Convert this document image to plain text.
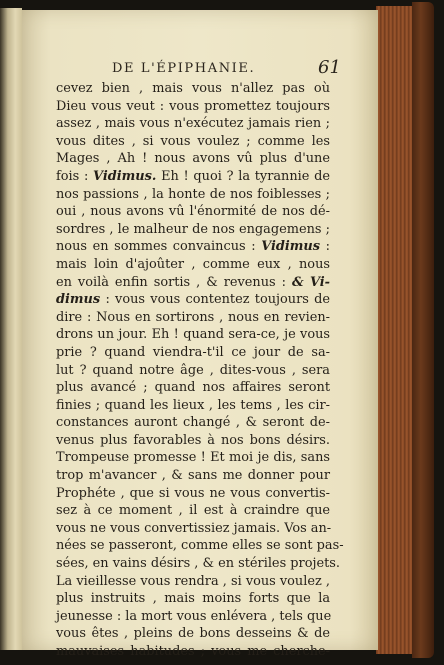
DE L'ÉPIPHANIE.	61
cevez bien , mais vous n'allez pas où
Dieu vous veut : vous promettez toujours
assez , mais vous n'exécutez jamais rien ;
vous dites , si vous voulez ; comme les
Mages , Ah ! nous avons vû plus d'une
fois : Vidimus. Eh ! quoi ? la tyrannie de
nos passions , la honte de nos foiblesses ;
oui , nous avons vû l'énormité de nos dé-
sordres , le malheur de nos engagemens ;
nous en sommes convaincus : Vidimus :
mais loin d'ajoûter , comme eux , nous
en voilà enfin sortis , & revenus : & Vi-
dimus : vous vous contentez toujours de
dire : Nous en sortirons , nous en revien-
drons un jour. Eh ! quand sera-ce, je vous
prie ? quand viendra-t'il ce jour de sa-
lut ? quand notre âge , dites-vous , sera
plus avancé ; quand nos affaires seront
finies ; quand les lieux , les tems , les cir-
constances auront changé , & seront de-
venus plus favorables à nos bons désirs.
Trompeuse promesse ! Et moi je dis, sans
trop m'avancer , & sans me donner pour
Prophéte , que si vous ne vous convertis-
sez à ce moment , il est à craindre que
vous ne vous convertissiez jamais. Vos an-
nées se passeront, comme elles se sont pas-
sées, en vains désirs , & en stériles projets.
La vieillesse vous rendra , si vous voulez ,
plus instruits , mais moins forts que la
jeunesse : la mort vous enlévera , tels que
vous êtes , pleins de bons desseins & de
mauvaises habitudes ; vous me cherche-
